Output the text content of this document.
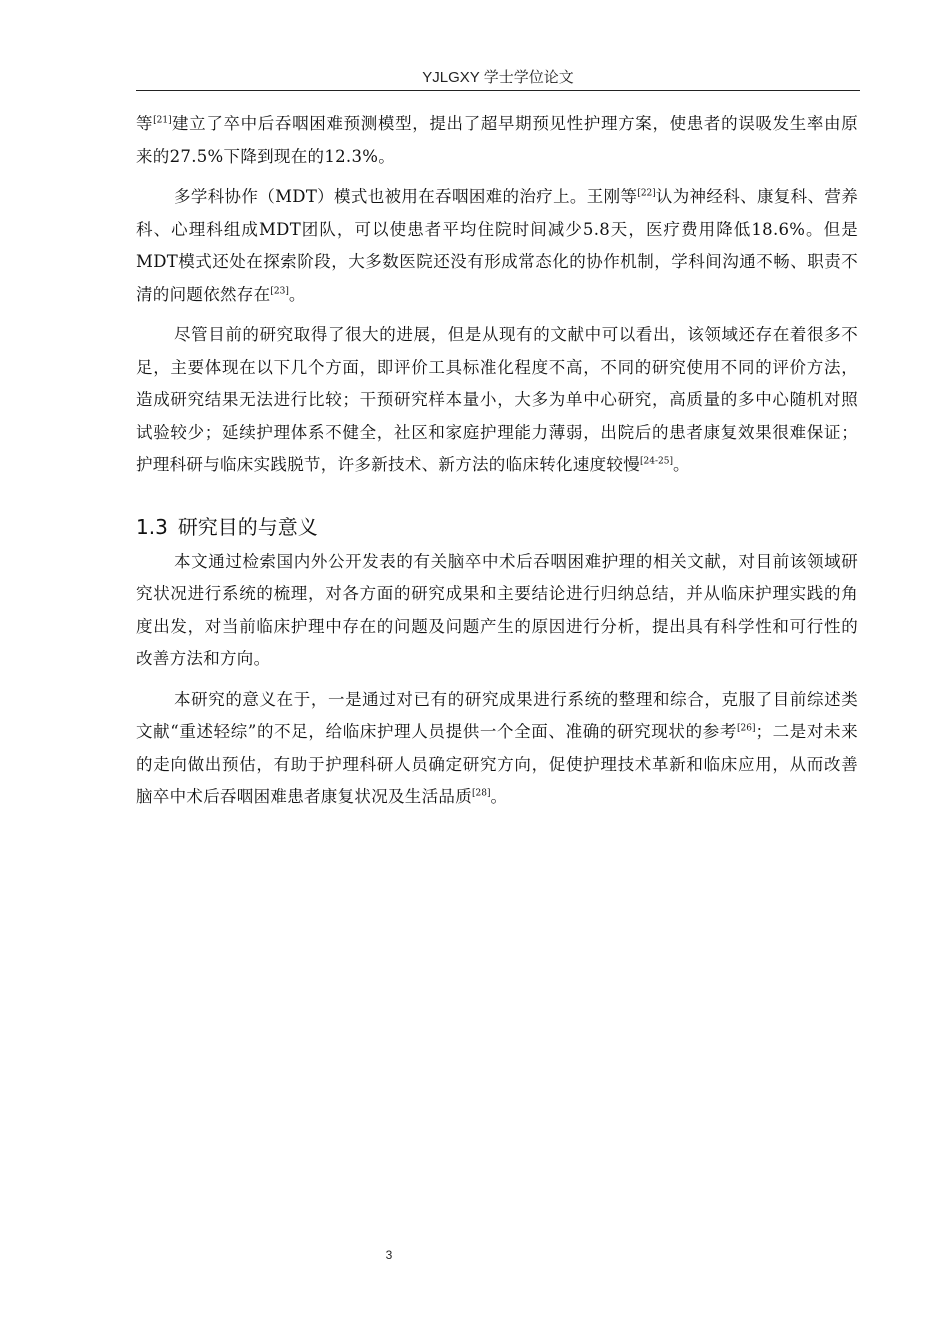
YJLGXY 学士学位论文

等[21]建立了卒中后吞咽困难预测模型，提出了超早期预见性护理方案，使患者的误吸发生率由原来的27.5%下降到现在的12.3%。

多学科协作（MDT）模式也被用在吞咽困难的治疗上。王刚等[22]认为神经科、康复科、营养科、心理科组成MDT团队，可以使患者平均住院时间减少5.8天，医疗费用降低18.6%。但是MDT模式还处在探索阶段，大多数医院还没有形成常态化的协作机制，学科间沟通不畅、职责不清的问题依然存在[23]。

尽管目前的研究取得了很大的进展，但是从现有的文献中可以看出，该领域还存在着很多不足，主要体现在以下几个方面，即评价工具标准化程度不高，不同的研究使用不同的评价方法，造成研究结果无法进行比较；干预研究样本量小，大多为单中心研究，高质量的多中心随机对照试验较少；延续护理体系不健全，社区和家庭护理能力薄弱，出院后的患者康复效果很难保证；护理科研与临床实践脱节，许多新技术、新方法的临床转化速度较慢[24-25]。

1.3 研究目的与意义

本文通过检索国内外公开发表的有关脑卒中术后吞咽困难护理的相关文献，对目前该领域研究状况进行系统的梳理，对各方面的研究成果和主要结论进行归纳总结，并从临床护理实践的角度出发，对当前临床护理中存在的问题及问题产生的原因进行分析，提出具有科学性和可行性的改善方法和方向。

本研究的意义在于，一是通过对已有的研究成果进行系统的整理和综合，克服了目前综述类文献“重述轻综”的不足，给临床护理人员提供一个全面、准确的研究现状的参考[26]；二是对未来的走向做出预估，有助于护理科研人员确定研究方向，促使护理技术革新和临床应用，从而改善脑卒中术后吞咽困难患者康复状况及生活品质[28]。

3
